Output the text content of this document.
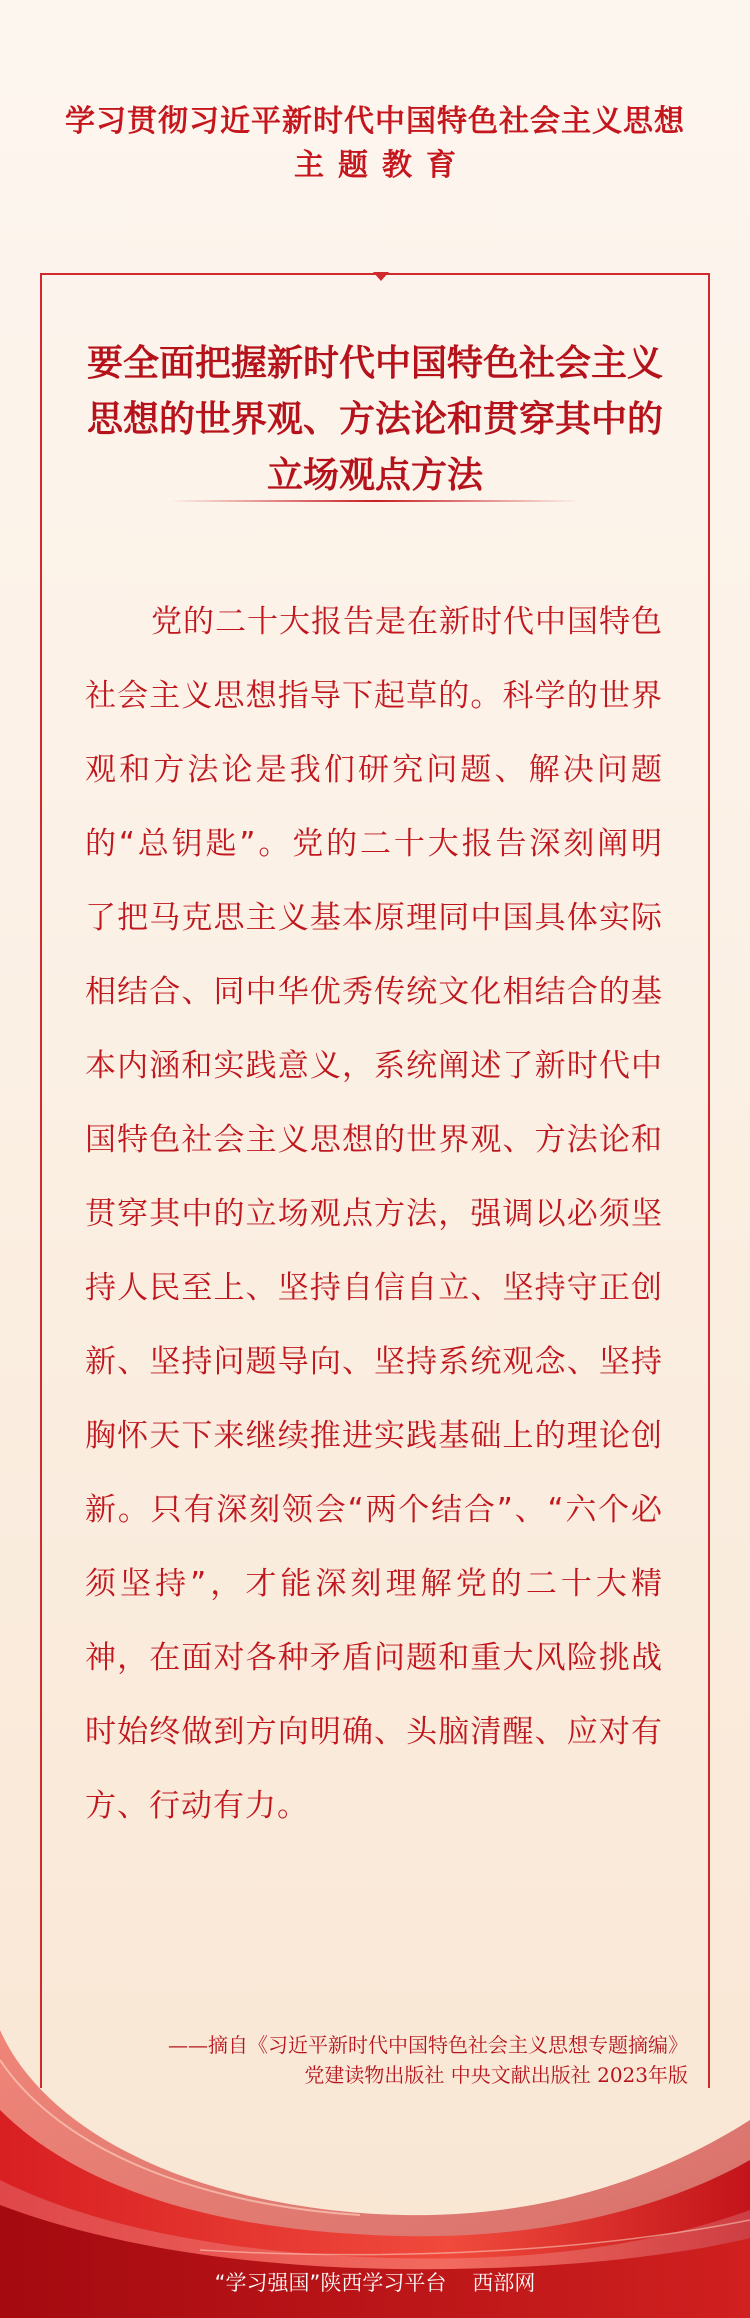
学习贯彻习近平新时代中国特色社会主义思想
主题教育
要全面把握新时代中国特色社会主义
思想的世界观、方法论和贯穿其中的
立场观点方法
党的二十大报告是在新时代中国特色社会主义思想指导下起草的。科学的世界观和方法论是我们研究问题、解决问题的“总钥匙”。党的二十大报告深刻阐明了把马克思主义基本原理同中国具体实际相结合、同中华优秀传统文化相结合的基本内涵和实践意义，系统阐述了新时代中国特色社会主义思想的世界观、方法论和贯穿其中的立场观点方法，强调以必须坚持人民至上、坚持自信自立、坚持守正创新、坚持问题导向、坚持系统观念、坚持胸怀天下来继续推进实践基础上的理论创新。只有深刻领会“两个结合”、“六个必须坚持”，才能深刻理解党的二十大精神，在面对各种矛盾问题和重大风险挑战时始终做到方向明确、头脑清醒、应对有方、行动有力。
——摘自《习近平新时代中国特色社会主义思想专题摘编》
党建读物出版社 中央文献出版社 2023年版
“学习强国”陕西学习平台 西部网
